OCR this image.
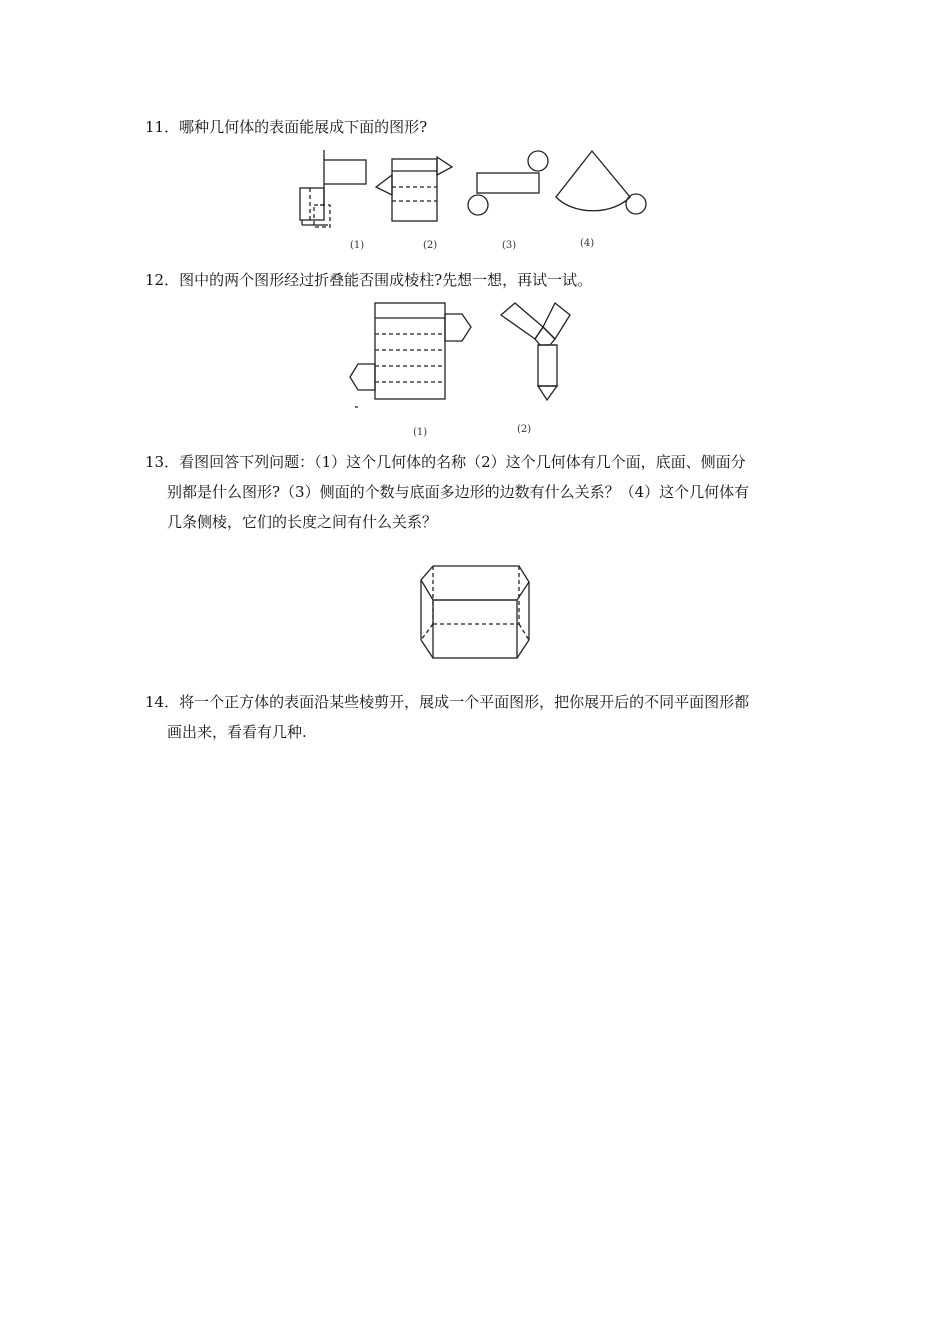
11．哪种几何体的表面能展成下面的图形?
(1)	(2)	(3)	(4)
12．图中的两个图形经过折叠能否围成棱柱?先想一想，再试一试。
(1)	(2)
13．看图回答下列问题：（1）这个几何体的名称（2）这个几何体有几个面，底面、侧面分
别都是什么图形?（3）侧面的个数与底面多边形的边数有什么关系？（4）这个几何体有
几条侧棱，它们的长度之间有什么关系？
14．将一个正方体的表面沿某些棱剪开，展成一个平面图形，把你展开后的不同平面图形都
画出来，看看有几种.
